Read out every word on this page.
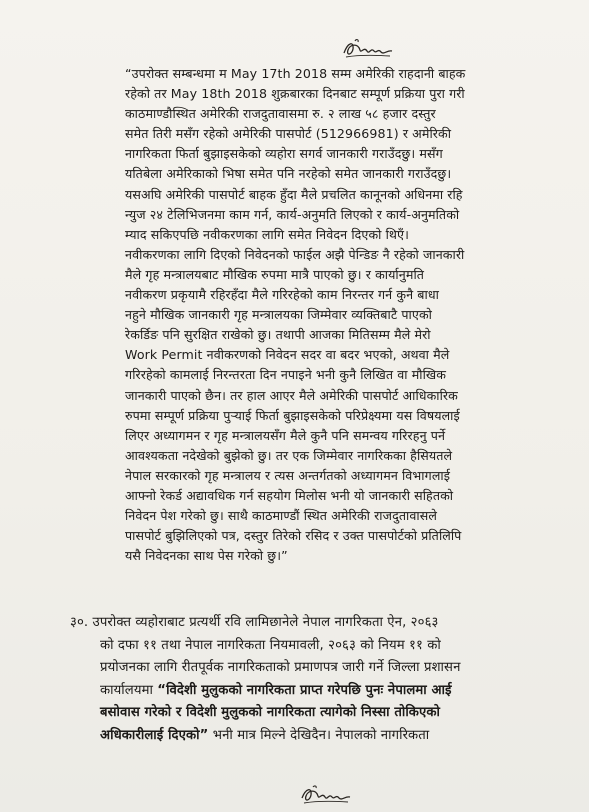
“उपरोक्त सम्बन्धमा म May 17th 2018 सम्म अमेरिकी राहदानी बाहक
रहेको तर May 18th 2018 शुक्रबारका दिनबाट सम्पूर्ण प्रक्रिया पुरा गरी
काठमाण्डौस्थित अमेरिकी राजदुतावासमा रु. २ लाख ५८ हजार दस्तुर
समेत तिरी मसँग रहेको अमेरिकी पासपोर्ट (512966981) र अमेरिकी
नागरिकता फिर्ता बुझाइसकेको व्यहोरा सगर्व जानकारी गराउँदछु। मसँग
यतिबेला अमेरिकाको भिषा समेत पनि नरहेको समेत जानकारी गराउँदछु।
यसअघि अमेरिकी पासपोर्ट बाहक हुँदा मैले प्रचलित कानूनको अधिनमा रहि
न्युज २४ टेलिभिजनमा काम गर्न, कार्य-अनुमति लिएको र कार्य-अनुमतिको
म्याद सकिएपछि नवीकरणका लागि समेत निवेदन दिएको थिएँ।
नवीकरणका लागि दिएको निवेदनको फाईल अझै पेन्डिङ नै रहेको जानकारी
मैले गृह मन्त्रालयबाट मौखिक रुपमा मात्रै पाएको छु। र कार्यानुमति
नवीकरण प्रकृयामै रहिरहँदा मैले गरिरहेको काम निरन्तर गर्न कुनै बाधा
नहुने मौखिक जानकारी गृह मन्त्रालयका जिम्मेवार व्यक्तिबाटै पाएको
रेकर्डिङ पनि सुरक्षित राखेको छु। तथापी आजका मितिसम्म मैले मेरो
Work Permit नवीकरणको निवेदन सदर वा बदर भएको, अथवा मैले
गरिरहेको कामलाई निरन्तरता दिन नपाइने भनी कुनै लिखित वा मौखिक
जानकारी पाएको छैन। तर हाल आएर मैले अमेरिकी पासपोर्ट आधिकारिक
रुपमा सम्पूर्ण प्रक्रिया पुऱ्याई फिर्ता बुझाइसकेको परिप्रेक्ष्यमा यस विषयलाई
लिएर अध्यागमन र गृह मन्त्रालयसँग मैले कुनै पनि समन्वय गरिरहनु पर्ने
आवश्यकता नदेखेको बुझेको छु। तर एक जिम्मेवार नागरिकका हैसियतले
नेपाल सरकारको गृह मन्त्रालय र त्यस अन्तर्गतको अध्यागमन विभागलाई
आफ्नो रेकर्ड अद्यावधिक गर्न सहयोग मिलोस भनी यो जानकारी सहितको
निवेदन पेश गरेको छु। साथै काठमाण्डौं स्थित अमेरिकी राजदुतावासले
पासपोर्ट बुझिलिएको पत्र, दस्तुर तिरेको रसिद र उक्त पासपोर्टको प्रतिलिपि
यसै निवेदनका साथ पेस गरेको छु।”
३०. उपरोक्त व्यहोराबाट प्रत्यर्थी रवि लामिछानेले नेपाल नागरिकता ऐन, २०६३
को दफा ११ तथा नेपाल नागरिकता नियमावली, २०६३ को नियम ११ को
प्रयोजनका लागि रीतपूर्वक नागरिकताको प्रमाणपत्र जारी गर्ने जिल्ला प्रशासन
कार्यालयमा “विदेशी मुलुकको नागरिकता प्राप्त गरेपछि पुनः नेपालमा आई
बसोवास गरेको र विदेशी मुलुकको नागरिकता त्यागेको निस्सा तोकिएको
अधिकारीलाई दिएको” भनी मात्र मिल्ने देखिदैन। नेपालको नागरिकता
